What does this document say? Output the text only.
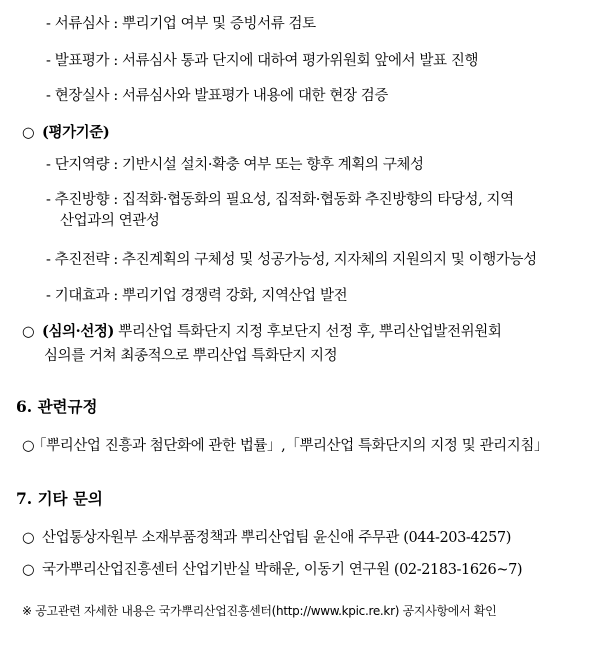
- 서류심사 : 뿌리기업 여부 및 증빙서류 검토
- 발표평가 : 서류심사 통과 단지에 대하여 평가위원회 앞에서 발표 진행
- 현장실사 : 서류심사와 발표평가 내용에 대한 현장 검증
○ (평가기준)
- 단지역량 : 기반시설 설치·확충 여부 또는 향후 계획의 구체성
- 추진방향 : 집적화·협동화의 필요성, 집적화·협동화 추진방향의 타당성, 지역
산업과의 연관성
- 추진전략 : 추진계획의 구체성 및 성공가능성, 지자체의 지원의지 및 이행가능성
- 기대효과 : 뿌리기업 경쟁력 강화, 지역산업 발전
○ (심의·선정) 뿌리산업 특화단지 지정 후보단지 선정 후, 뿌리산업발전위원회
심의를 거쳐 최종적으로 뿌리산업 특화단지 지정
6. 관련규정
○「뿌리산업 진흥과 첨단화에 관한 법률」,「뿌리산업 특화단지의 지정 및 관리지침」
7. 기타 문의
○ 산업통상자원부 소재부품정책과 뿌리산업팀 윤신애 주무관 (044-203-4257)
○ 국가뿌리산업진흥센터 산업기반실 박해운, 이동기 연구원 (02-2183-1626~7)
※ 공고관련 자세한 내용은 국가뿌리산업진흥센터(http://www.kpic.re.kr) 공지사항에서 확인
